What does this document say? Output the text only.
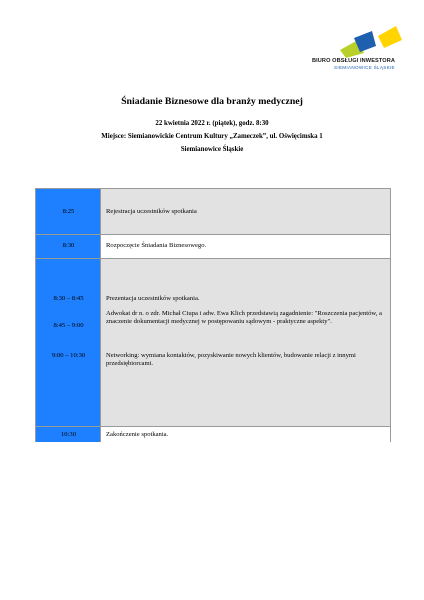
BIURO OBSŁUGI INWESTORA
SIEMIANOWICE ŚLĄSKIE
Śniadanie Biznesowe dla branży medycznej
22 kwietnia 2022 r. (piątek), godz. 8:30
Miejsce: Siemianowickie Centrum Kultury „Zameczek”, ul. Oświęcimska 1
Siemianowice Śląskie
8:25	Rejestracja uczestników spotkania
8:30	Rozpoczęcie Śniadania Biznesowego.
8:30 – 8:45	Prezentacja uczestników spotkania.
8:45 – 9:00
Adwokat dr n. o zdr. Michał Ciupa i adw. Ewa Klich przedstawią zagadnienie: "Roszczenia pacjentów, a znaczenie dokumentacji medycznej w postępowaniu sądowym - praktyczne aspekty".
9:00 – 10:30	Networking: wymiana kontaktów, pozyskiwanie nowych klientów, budowanie relacji z innymi przedsiębiorcami.
10:30	Zakończenie spotkania.
